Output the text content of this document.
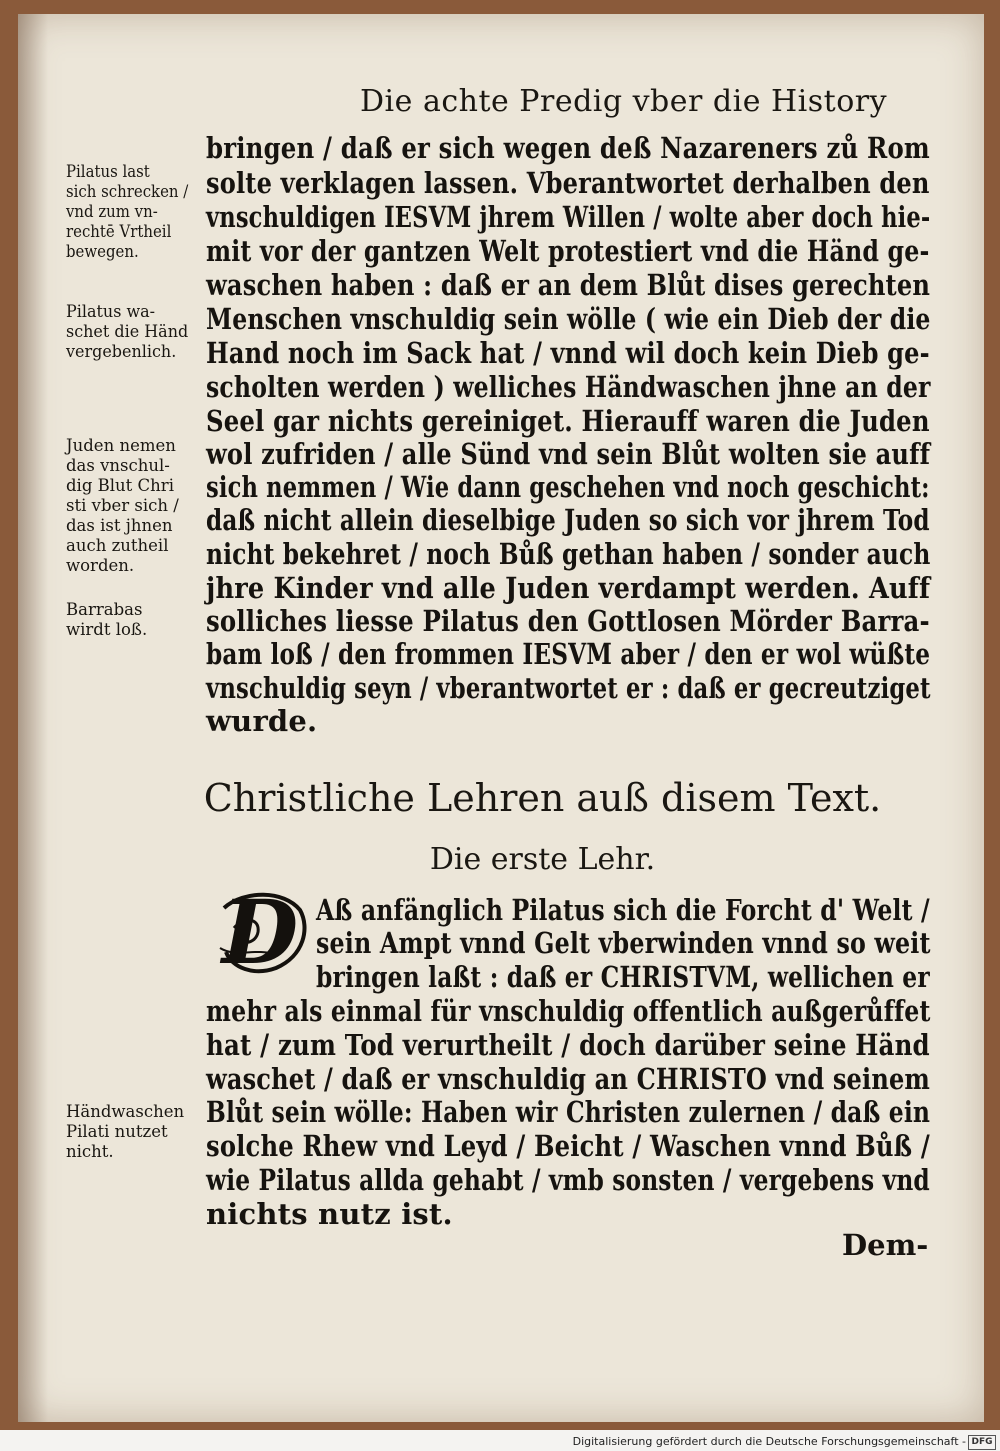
Die achte Predig vber die History
bringen / daß er sich wegen deß Nazareners zů Rom
solte verklagen lassen. Vberantwortet derhalben den
vnschuldigen IESVM jhrem Willen / wolte aber doch hie-
mit vor der gantzen Welt protestiert vnd die Händ ge-
waschen haben : daß er an dem Blůt dises gerechten
Menschen vnschuldig sein wölle ( wie ein Dieb der die
Hand noch im Sack hat / vnnd wil doch kein Dieb ge-
scholten werden ) welliches Händwaschen jhne an der
Seel gar nichts gereiniget. Hierauff waren die Juden
wol zufriden / alle Sünd vnd sein Blůt wolten sie auff
sich nemmen / Wie dann geschehen vnd noch geschicht:
daß nicht allein dieselbige Juden so sich vor jhrem Tod
nicht bekehret / noch Bůß gethan haben / sonder auch
jhre Kinder vnd alle Juden verdampt werden. Auff
solliches liesse Pilatus den Gottlosen Mörder Barra-
bam loß / den frommen IESVM aber / den er wol wüßte
vnschuldig seyn / vberantwortet er : daß er gecreutziget
wurde.
Pilatus last
sich schrecken /
vnd zum vn-
rechtē Vrtheil
bewegen.
Pilatus wa-
schet die Händ
vergebenlich.
Juden nemen
das vnschul-
dig Blut Chri
sti vber sich /
das ist jhnen
auch zutheil
worden.
Barrabas
wirdt loß.
Christliche Lehren auß disem Text.
Die erste Lehr.
D Aß anfänglich Pilatus sich die Forcht d' Welt /
sein Ampt vnnd Gelt vberwinden vnnd so weit
bringen laßt : daß er CHRISTVM, wellichen er
mehr als einmal für vnschuldig offentlich außgerůffet
hat / zum Tod verurtheilt / doch darüber seine Händ
waschet / daß er vnschuldig an CHRISTO vnd seinem
Blůt sein wölle: Haben wir Christen zulernen / daß ein
solche Rhew vnd Leyd / Beicht / Waschen vnnd Bůß /
wie Pilatus allda gehabt / vmb sonsten / vergebens vnd
nichts nutz ist.
Händwaschen
Pilati nutzet
nicht.
Dem-
Digitalisierung gefördert durch die Deutsche Forschungsgemeinschaft - DFG
